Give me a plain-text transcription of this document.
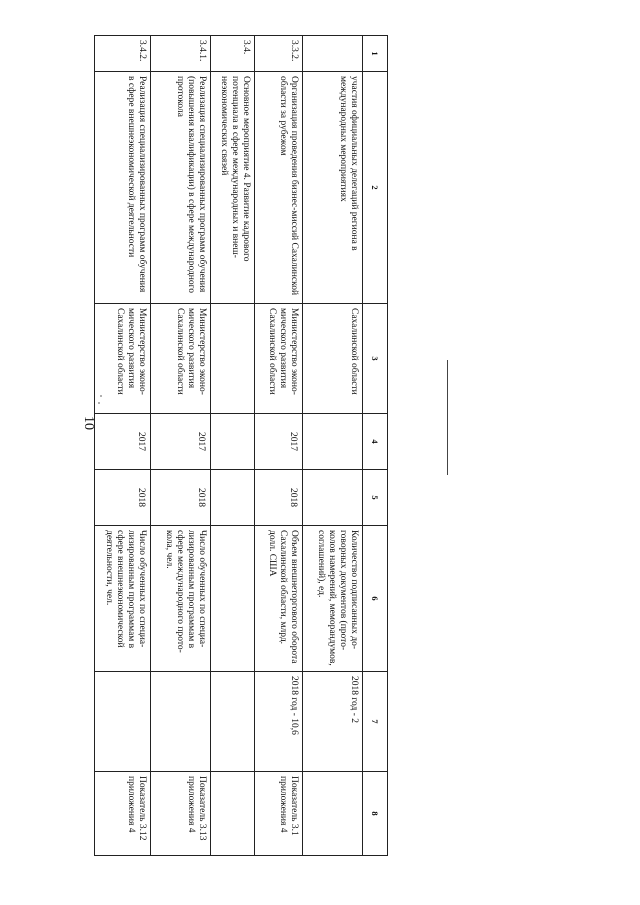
10
1	2	3	4	5	6	7	8
	участия официальных делегаций региона в международных мероприятиях	Сахалинской области			Количество подписанных договорных документов (протоколов намерений, меморандумов, соглашений), ед.	2018 год - 2	
3.3.2.	Организация проведения бизнес-миссий Сахалинской области за рубежом	Министерство экономического развития Сахалинской области	2017	2018	Объем внешнеторгового оборота Сахалинской области, млрд. долл. США	2018 год - 10,6	Показатель 3.1 приложения 4
3.4.	Основное мероприятие 4. Развитие кадрового потенциала в сфере международных и внешнеэкономических связей						
3.4.1.	Реализация специализированных программ обучения (повышения квалификации) в сфере международного протокола	Министерство экономического развития Сахалинской области	2017	2018	Число обученных по специализированным программам в сфере международного протокола, чел.		Показатель 3.13 приложения 4
3.4.2.	Реализация специализированных программ обучения в сфере внешнеэкономической деятельности	Министерство экономического развития Сахалинской области	2017	2018	Число обученных по специализированным программам в сфере внешнеэкономической деятельности, чел.		Показатель 3.12 приложения 4
